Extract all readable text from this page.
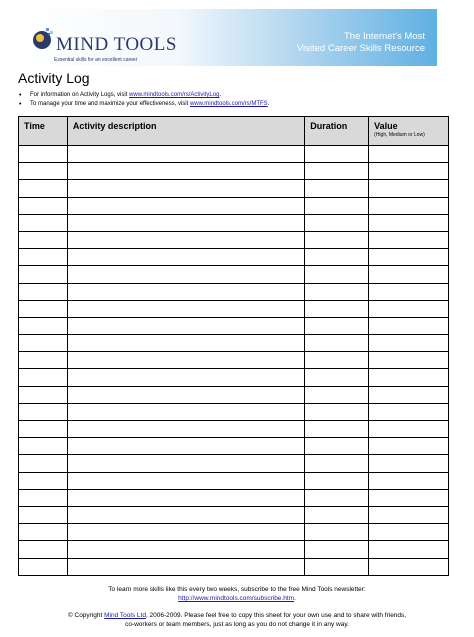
MIND TOOLS
Essential skills for an excellent career
The Internet's Most
Visited Career Skills Resource
Activity Log
• For information on Activity Logs, visit www.mindtools.com/rs/ActivityLog.
• To manage your time and maximize your effectiveness, visit www.mindtools.com/rs/MTFS.
Time	Activity description	Duration	Value
(High, Medium or Low)

To learn more skills like this every two weeks, subscribe to the free Mind Tools newsletter:
http://www.mindtools.com/subscribe.htm.
© Copyright Mind Tools Ltd, 2006-2009. Please feel free to copy this sheet for your own use and to share with friends,
co-workers or team members, just as long as you do not change it in any way.
